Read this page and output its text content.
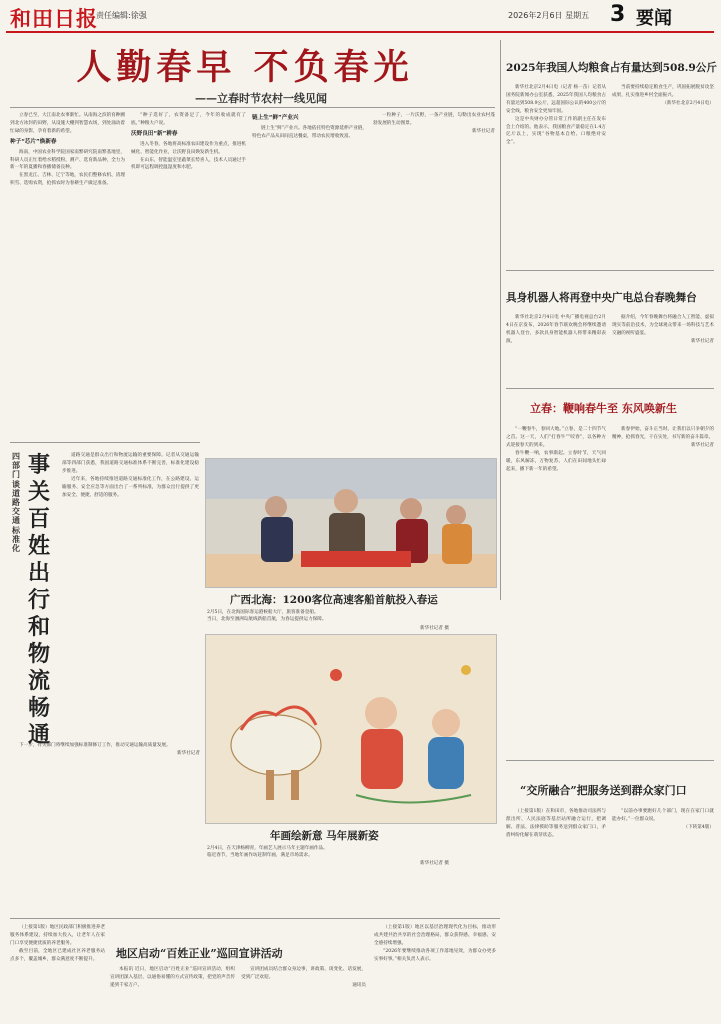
和田日报
责任编辑:徐强	2026年2月6日 星期五 3 要闻
人勤春早 不负春光
——立春时节农村一线见闻

立春已至，大江南北农事渐忙。从南海之滨的育种圃到北方冰封的田野，从设施大棚到智慧农场，到处涌动着忙碌的身影，孕育着新的希望。

种子“芯片”焕新春

海南，中国农业科学院国家南繁研究院南繁基地里，科研人员正忙着给水稻授粉、测产、选育新品种，全力为新一年的夏播和春播储备良种。

在黑龙江、吉林、辽宁等地，农民们整修农机、清理积雪、选购农资，抢抓农时为春耕生产做足准备。

“种子选好了，农资备足了，今年的收成就有了底。”种粮大户说。

沃野良田“新”耕春

进入冬春，各地将高标准农田建设作为重点，推进机械化、智能化作业，让沃野良田焕发新生机。

在山东，智能温室里蔬菜长势喜人，技术人员通过手机即可远程调控温湿度和水肥。

链上生“鲜”产业兴

链上生“鲜”产业兴。各地依托特色资源延伸产业链，特色农产品从田间直达餐桌，带动农民增收致富。

一粒种子，一片沃野，一条产业链，勾勒出农业农村蓬勃发展的生动图景。

新华社记者

2025年我国人均粮食占有量达到508.9公斤

新华社北京2月4日电（记者 杨一苗）记者从国务院新闻办公室获悉，2025年我国人均粮食占有量达到508.9公斤，远超国际公认的400公斤的安全线，粮食安全更加牢固。

这是中央财办分管日常工作的副主任在发布会上介绍的。他表示，我国粮食产量稳定在1.4万亿斤以上，实现“谷物基本自给、口粮绝对安全”。

当前要持续稳定粮食生产，巩固拓展脱贫攻坚成果，扎实推进乡村全面振兴。

（新华社北京2月4日电）

具身机器人将再登中央广电总台春晚舞台

新华社北京2月4日电 中央广播电视总台2月4日在京发布，2026年春节联欢晚会将继续邀请机器人登台，多款具身智能机器人将带来精彩表演。

据介绍，今年春晚舞台将融合人工智能、虚拟现实等前沿技术，为全球观众带来一场科技与艺术交融的视听盛宴。

新华社记者

立春：鞭响春牛至 东风唤新生

“一鞭春牛，春回大地。”立春，是二十四节气之首。这一天，人们“打春牛”“咬春”，以各种方式迎接春天的到来。

春牛鞭一响，农事渐起。立春时节，天气回暖，东风解冻，万物复苏，人们在田间地头忙碌起来，播下新一年的希望。

新春伊始，奋斗正当时。让我们以只争朝夕的精神，抢抓春光，干在实处，书写新的奋斗篇章。

新华社记者

“交所融合”把服务送到群众家门口

（上接第1版）在和田市，各地推动司法所与派出所、人民法庭等基层站所融合运行，把调解、普法、法律援助等服务送到群众家门口，矛盾纠纷化解在萌芽状态。

“以前办事要跑好几个部门，现在在家门口就能办好。”一位群众说。

（下转第4版）

四部门谈道路交通标准化
事关百姓出行和物流畅通

道路交通是群众出行和物流运输的重要保障。记者从交通运输部等四部门获悉，我国道路交通标准体系不断完善，标准化建设稳步推进。

近年来，各地持续推进道路交通标准化工作，在公路建设、运输服务、安全应急等方面出台了一系列标准，为群众出行提供了更加安全、便捷、舒适的服务。

下一步，有关部门将继续加强标准制修订工作，推动交通运输高质量发展。

新华社记者

广西北海：1200客位高速客船首航投入春运
2月5日，在北海国际客运港候船大厅，旅客准备登船。
当日，北海至涠洲岛航线新船首航，为春运提供运力保障。
新华社记者 摄
年画绘新意 马年展新姿
2月4日，在天津杨柳青，年画艺人展示马年主题年画作品。
临近春节，当地年画作坊赶制年画，满足市场需求。
新华社记者 摄

（上接第1版）地区民政部门积极推进养老服务体系建设，持续加大投入，让老年人在家门口享受便捷优质的养老服务。

截至目前，全地区已建成社区养老服务站点多个，覆盖城乡，群众满意度不断提升。	地区启动“百姓正业”巡回宣讲活动

本报讯 近日，地区启动“百姓正业”巡回宣讲活动，组织宣讲团深入基层，以通俗易懂的方式宣传政策，把党的声音传递到千家万户。

宣讲团成员结合群众身边事，讲政策、谈变化、话发展，受到广泛欢迎。

通讯员

（上接第1版）地区以基层治理现代化为目标，推动形成共建共治共享的社会治理格局，群众获得感、幸福感、安全感持续增强。

“2026年要继续推动各项工作落地见效，为群众办更多实事好事。”相关负责人表示。
